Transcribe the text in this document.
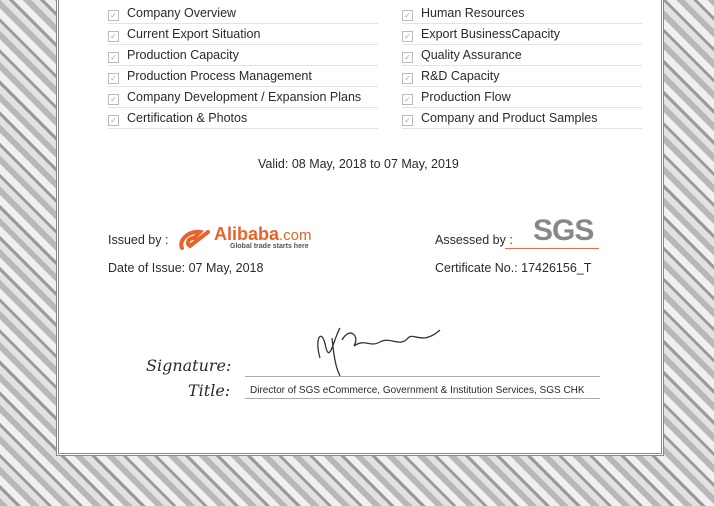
✓ Company Overview
✓ Current Export Situation
✓ Production Capacity
✓ Production Process Management
✓ Company Development / Expansion Plans
✓ Certification & Photos
✓ Human Resources
✓ Export BusinessCapacity
✓ Quality Assurance
✓ R&D Capacity
✓ Production Flow
✓ Company and Product Samples
Valid: 08 May, 2018 to 07 May, 2019
Issued by :	Alibaba.com
Global trade starts here	Assessed by : SGS
Date of Issue: 07 May, 2018	Certificate No.: 17426156_T
Signature:
Title: Director of SGS eCommerce, Government & Institution Services, SGS CHK
